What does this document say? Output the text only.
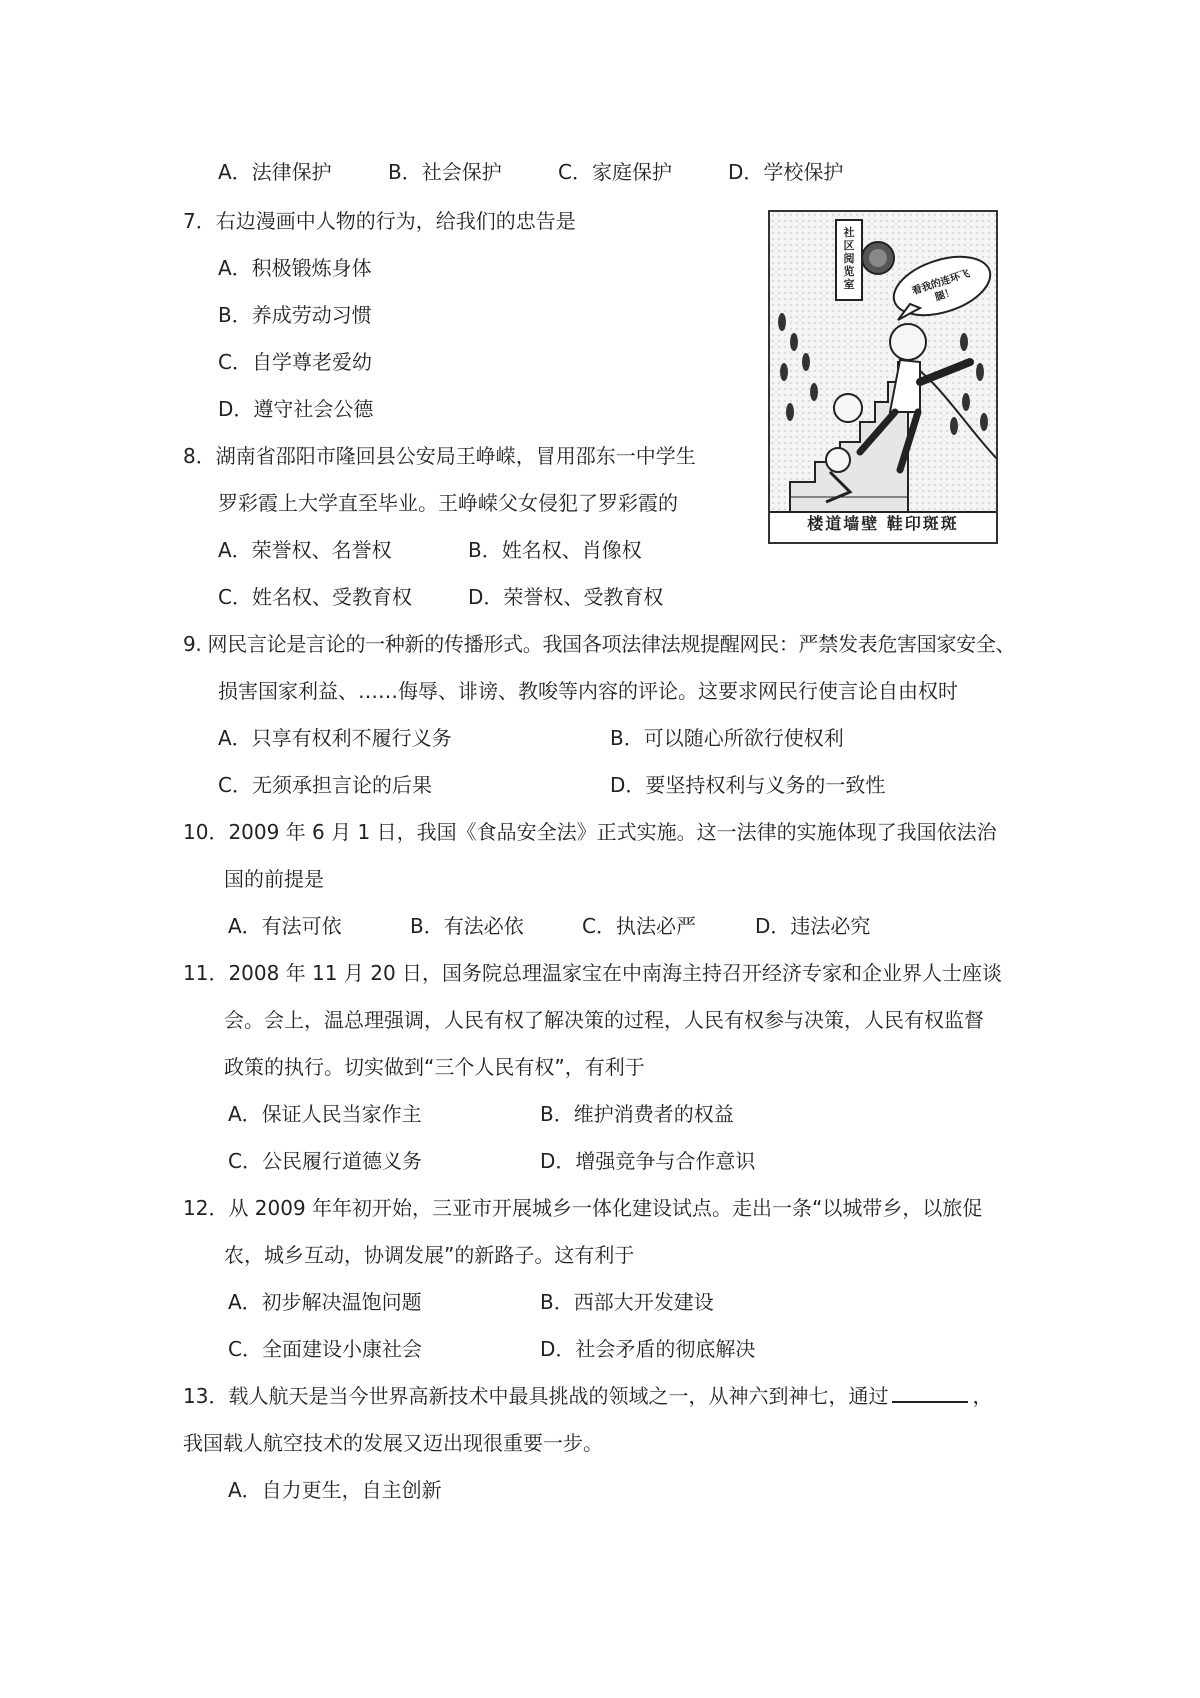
A．法律保护	B．社会保护	C．家庭保护	D．学校保护
7．右边漫画中人物的行为，给我们的忠告是
A．积极锻炼身体
B．养成劳动习惯
C．自学尊老爱幼
D．遵守社会公德
8．湖南省邵阳市隆回县公安局王峥嵘，冒用邵东一中学生
罗彩霞上大学直至毕业。王峥嵘父女侵犯了罗彩霞的
A．荣誉权、名誉权	B．姓名权、肖像权
C．姓名权、受教育权	D．荣誉权、受教育权
9. 网民言论是言论的一种新的传播形式。我国各项法律法规提醒网民：严禁发表危害国家安全、
损害国家利益、……侮辱、诽谤、教唆等内容的评论。这要求网民行使言论自由权时
A．只享有权利不履行义务	B．可以随心所欲行使权利
C．无须承担言论的后果	D．要坚持权利与义务的一致性
10．2009 年 6 月 1 日，我国《食品安全法》正式实施。这一法律的实施体现了我国依法治
国的前提是
A．有法可依	B．有法必依	C．执法必严	D．违法必究
11．2008 年 11 月 20 日，国务院总理温家宝在中南海主持召开经济专家和企业界人士座谈
会。会上，温总理强调，人民有权了解决策的过程，人民有权参与决策，人民有权监督
政策的执行。切实做到“三个人民有权”，有利于
A．保证人民当家作主	B．维护消费者的权益
C．公民履行道德义务	D．增强竞争与合作意识
12．从 2009 年年初开始，三亚市开展城乡一体化建设试点。走出一条“以城带乡，以旅促
农，城乡互动，协调发展”的新路子。这有利于
A．初步解决温饱问题	B．西部大开发建设
C．全面建设小康社会	D．社会矛盾的彻底解决
13．载人航天是当今世界高新技术中最具挑战的领域之一，从神六到神七，通过	，
我国载人航空技术的发展又迈出现很重要一步。
A．自力更生，自主创新
社区阅览室	看我的连环飞腿！
楼道墙壁 鞋印斑斑
